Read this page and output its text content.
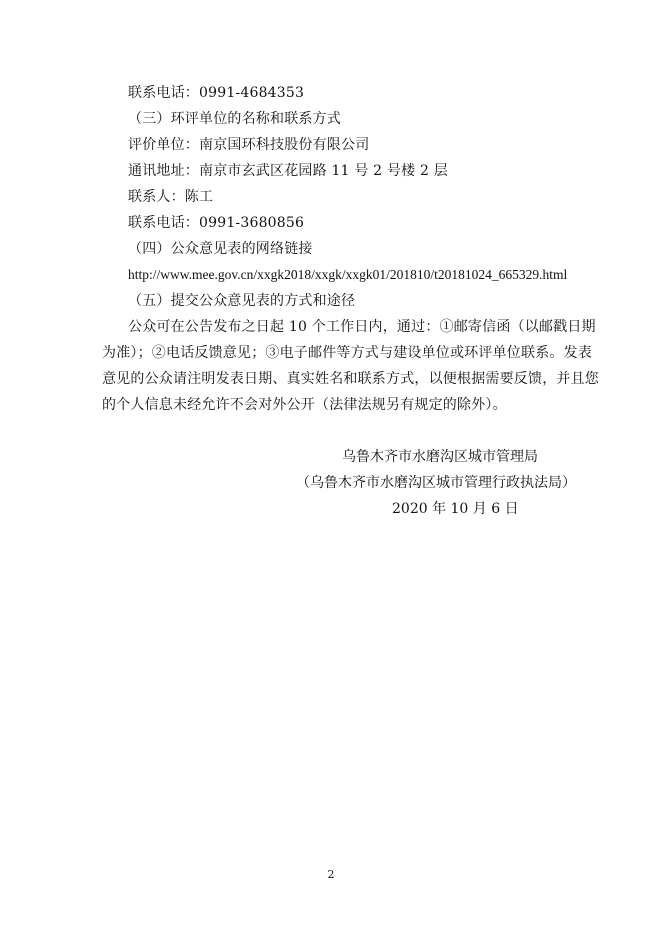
联系电话：0991-4684353
（三）环评单位的名称和联系方式
评价单位：南京国环科技股份有限公司
通讯地址：南京市玄武区花园路 11 号 2 号楼 2 层
联系人：陈工
联系电话：0991-3680856
（四）公众意见表的网络链接
http://www.mee.gov.cn/xxgk2018/xxgk/xxgk01/201810/t20181024_665329.html
（五）提交公众意见表的方式和途径
公众可在公告发布之日起 10 个工作日内，通过：①邮寄信函（以邮戳日期
为准）；②电话反馈意见；③电子邮件等方式与建设单位或环评单位联系。发表
意见的公众请注明发表日期、真实姓名和联系方式，以便根据需要反馈，并且您
的个人信息未经允许不会对外公开（法律法规另有规定的除外）。
乌鲁木齐市水磨沟区城市管理局
（乌鲁木齐市水磨沟区城市管理行政执法局）
2020 年 10 月 6 日
2
